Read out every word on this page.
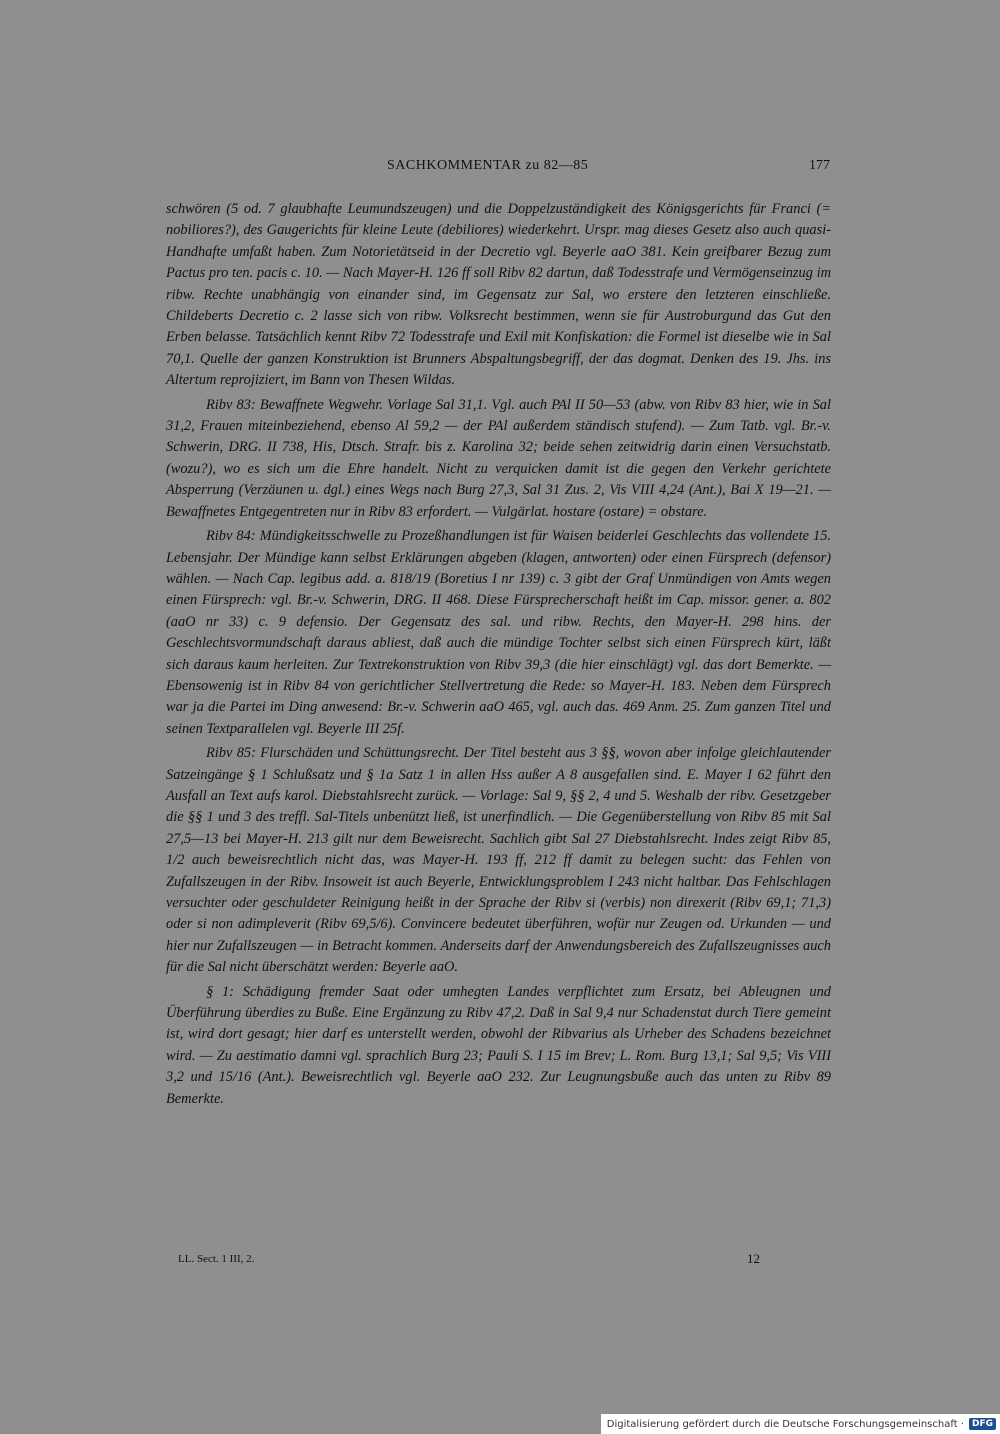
SACHKOMMENTAR zu 82—85	177

schwören (5 od. 7 glaubhafte Leumundszeugen) und die Doppelzuständigkeit des Königsgerichts für Franci (= nobiliores?), des Gaugerichts für kleine Leute (debiliores) wiederkehrt. Urspr. mag dieses Gesetz also auch quasi-Handhafte umfaßt haben. Zum Notorietätseid in der Decretio vgl. Beyerle aaO 381. Kein greifbarer Bezug zum Pactus pro ten. pacis c. 10. — Nach Mayer-H. 126 ff soll Ribv 82 dartun, daß Todesstrafe und Vermögenseinzug im ribw. Rechte unabhängig von einander sind, im Gegensatz zur Sal, wo erstere den letzteren einschließe. Childeberts Decretio c. 2 lasse sich von ribw. Volksrecht bestimmen, wenn sie für Austroburgund das Gut den Erben belasse. Tatsächlich kennt Ribv 72 Todesstrafe und Exil mit Konfiskation: die Formel ist dieselbe wie in Sal 70,1. Quelle der ganzen Konstruktion ist Brunners Abspaltungsbegriff, der das dogmat. Denken des 19. Jhs. ins Altertum reprojiziert, im Bann von Thesen Wildas.

Ribv 83: Bewaffnete Wegwehr. Vorlage Sal 31,1. Vgl. auch PAl II 50—53 (abw. von Ribv 83 hier, wie in Sal 31,2, Frauen miteinbeziehend, ebenso Al 59,2 — der PAl außerdem ständisch stufend). — Zum Tatb. vgl. Br.-v. Schwerin, DRG. II 738, His, Dtsch. Strafr. bis z. Karolina 32; beide sehen zeitwidrig darin einen Versuchstatb. (wozu?), wo es sich um die Ehre handelt. Nicht zu verquicken damit ist die gegen den Verkehr gerichtete Absperrung (Verzäunen u. dgl.) eines Wegs nach Burg 27,3, Sal 31 Zus. 2, Vis VIII 4,24 (Ant.), Bai X 19—21. — Bewaffnetes Entgegentreten nur in Ribv 83 erfordert. — Vulgärlat. hostare (ostare) = obstare.

Ribv 84: Mündigkeitsschwelle zu Prozeßhandlungen ist für Waisen beiderlei Geschlechts das vollendete 15. Lebensjahr. Der Mündige kann selbst Erklärungen abgeben (klagen, antworten) oder einen Fürsprech (defensor) wählen. — Nach Cap. legibus add. a. 818/19 (Boretius I nr 139) c. 3 gibt der Graf Unmündigen von Amts wegen einen Fürsprech: vgl. Br.-v. Schwerin, DRG. II 468. Diese Fürsprecherschaft heißt im Cap. missor. gener. a. 802 (aaO nr 33) c. 9 defensio. Der Gegensatz des sal. und ribw. Rechts, den Mayer-H. 298 hins. der Geschlechtsvormundschaft daraus abliest, daß auch die mündige Tochter selbst sich einen Fürsprech kürt, läßt sich daraus kaum herleiten. Zur Textrekonstruktion von Ribv 39,3 (die hier einschlägt) vgl. das dort Bemerkte. — Ebensowenig ist in Ribv 84 von gerichtlicher Stellvertretung die Rede: so Mayer-H. 183. Neben dem Fürsprech war ja die Partei im Ding anwesend: Br.-v. Schwerin aaO 465, vgl. auch das. 469 Anm. 25. Zum ganzen Titel und seinen Textparallelen vgl. Beyerle III 25f.

Ribv 85: Flurschäden und Schüttungsrecht. Der Titel besteht aus 3 §§, wovon aber infolge gleichlautender Satzeingänge § 1 Schlußsatz und § 1a Satz 1 in allen Hss außer A 8 ausgefallen sind. E. Mayer I 62 führt den Ausfall an Text aufs karol. Diebstahlsrecht zurück. — Vorlage: Sal 9, §§ 2, 4 und 5. Weshalb der ribv. Gesetzgeber die §§ 1 und 3 des treffl. Sal-Titels unbenützt ließ, ist unerfindlich. — Die Gegenüberstellung von Ribv 85 mit Sal 27,5—13 bei Mayer-H. 213 gilt nur dem Beweisrecht. Sachlich gibt Sal 27 Diebstahlsrecht. Indes zeigt Ribv 85, 1/2 auch beweisrechtlich nicht das, was Mayer-H. 193 ff, 212 ff damit zu belegen sucht: das Fehlen von Zufallszeugen in der Ribv. Insoweit ist auch Beyerle, Entwicklungsproblem I 243 nicht haltbar. Das Fehlschlagen versuchter oder geschuldeter Reinigung heißt in der Sprache der Ribv si (verbis) non direxerit (Ribv 69,1; 71,3) oder si non adimpleverit (Ribv 69,5/6). Convincere bedeutet überführen, wofür nur Zeugen od. Urkunden — und hier nur Zufallszeugen — in Betracht kommen. Anderseits darf der Anwendungsbereich des Zufallszeugnisses auch für die Sal nicht überschätzt werden: Beyerle aaO.

§ 1: Schädigung fremder Saat oder umhegten Landes verpflichtet zum Ersatz, bei Ableugnen und Überführung überdies zu Buße. Eine Ergänzung zu Ribv 47,2. Daß in Sal 9,4 nur Schadenstat durch Tiere gemeint ist, wird dort gesagt; hier darf es unterstellt werden, obwohl der Ribvarius als Urheber des Schadens bezeichnet wird. — Zu aestimatio damni vgl. sprachlich Burg 23; Pauli S. I 15 im Brev; L. Rom. Burg 13,1; Sal 9,5; Vis VIII 3,2 und 15/16 (Ant.). Beweisrechtlich vgl. Beyerle aaO 232. Zur Leugnungsbuße auch das unten zu Ribv 89 Bemerkte.

LL. Sect. 1 III, 2.	12
Digitalisierung gefördert durch die Deutsche Forschungsgemeinschaft · DFG
